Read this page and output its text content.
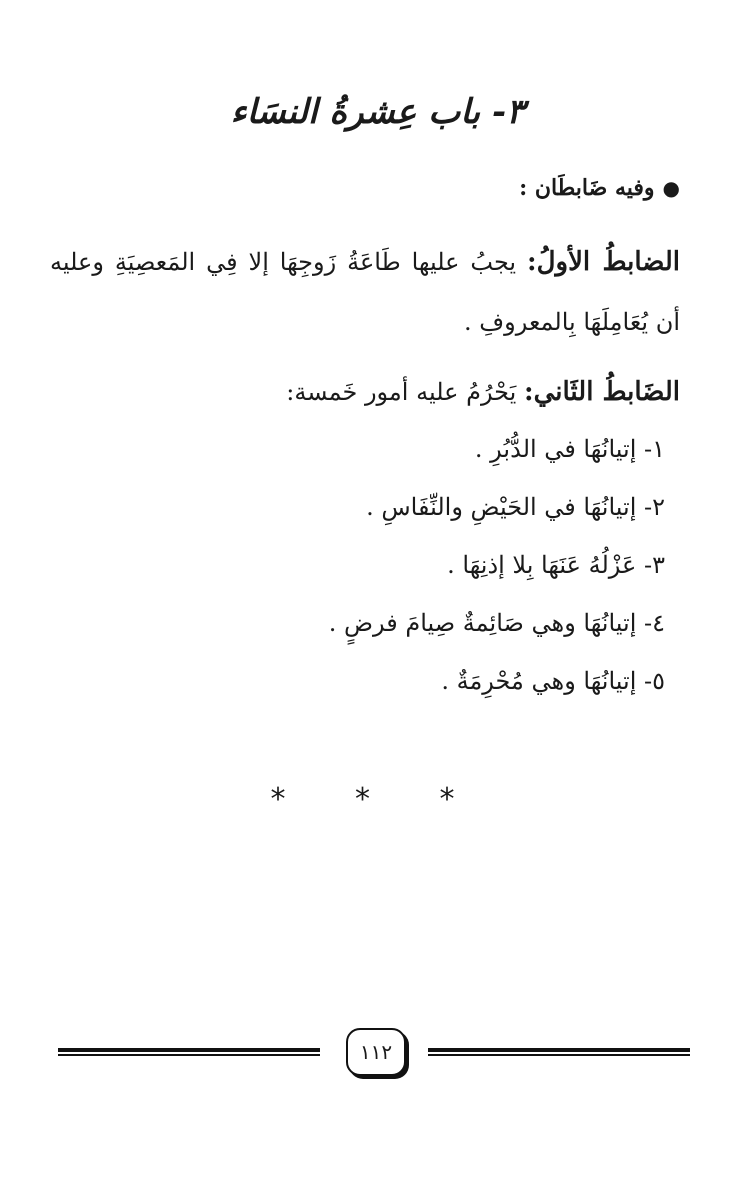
٣- باب عِشرةُ النسَاء
●وفيه ضَابطَان :
الضابطُ الأولُ: يجبُ عليها طَاعَةُ زَوجِهَا إلا فِي المَعصِيَةِ وعليه أن يُعَامِلَهَا بِالمعروفِ .
الضَابطُ الثَاني: يَحْرُمُ عليه أمور خَمسة:
١- إتيانُهَا في الدُّبُرِ .
٢- إتيانُهَا في الحَيْضِ والنِّفَاسِ .
٣- عَزْلُهُ عَنَهَا بِلا إذنِهَا .
٤- إتيانُهَا وهي صَائِمةٌ صِيامَ فرضٍ .
٥- إتيانُهَا وهي مُحْرِمَةٌ .
* * *
١١٢
